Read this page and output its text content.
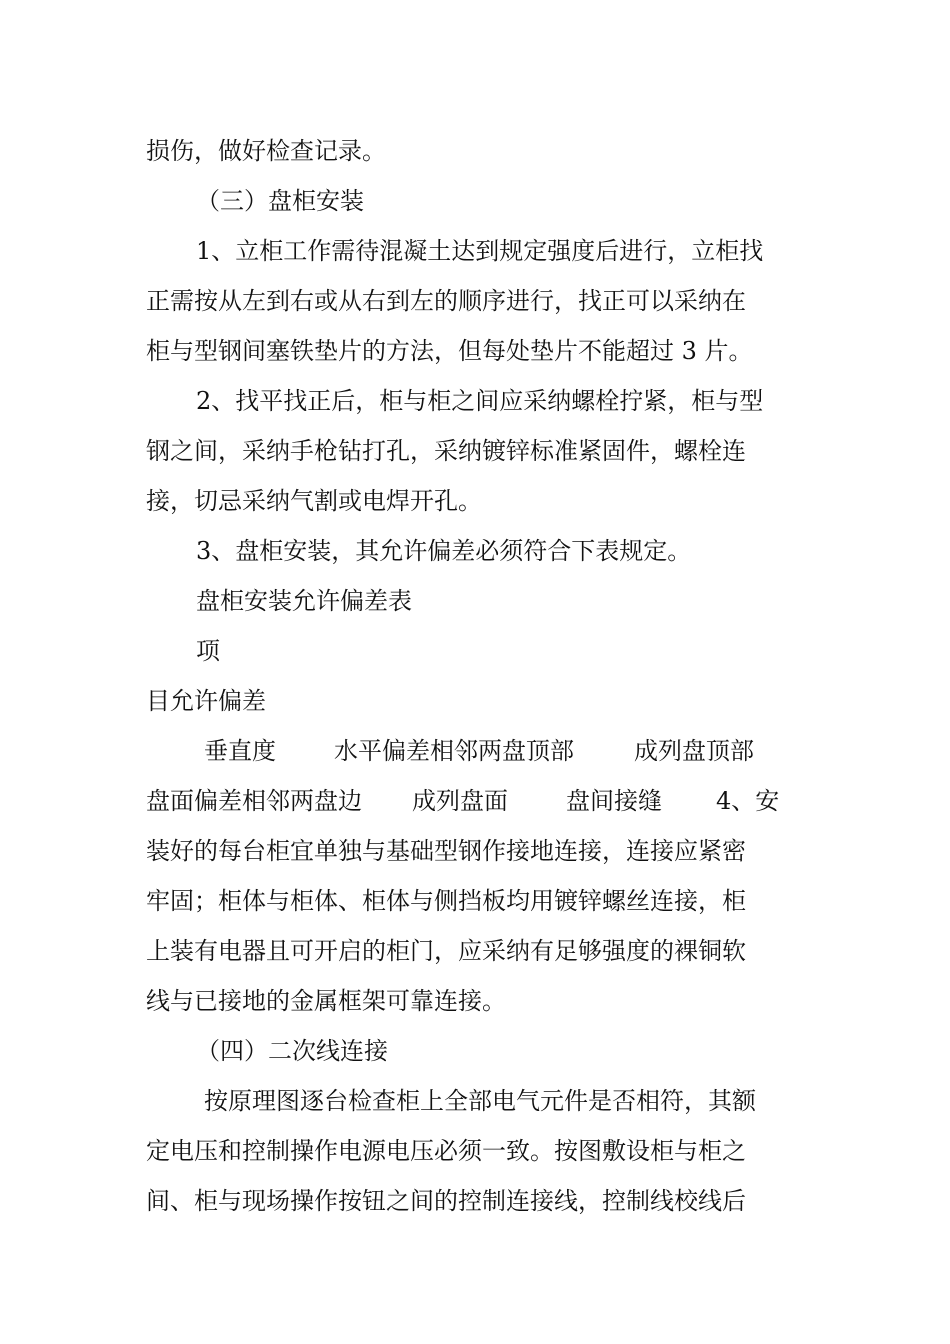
损伤，做好检查记录。
（三）盘柜安装
1、立柜工作需待混凝土达到规定强度后进行，立柜找
正需按从左到右或从右到左的顺序进行，找正可以采纳在
柜与型钢间塞铁垫片的方法，但每处垫片不能超过 3 片。
2、找平找正后，柜与柜之间应采纳螺栓拧紧，柜与型
钢之间，采纳手枪钻打孔，采纳镀锌标准紧固件，螺栓连
接，切忌采纳气割或电焊开孔。
3、盘柜安装，其允许偏差必须符合下表规定。
盘柜安装允许偏差表
项
目允许偏差
垂直度 水平偏差相邻两盘顶部	成列盘顶部
盘面偏差相邻两盘边 成列盘面 盘间接缝 4、安
装好的每台柜宜单独与基础型钢作接地连接，连接应紧密
牢固；柜体与柜体、柜体与侧挡板均用镀锌螺丝连接，柜
上装有电器且可开启的柜门，应采纳有足够强度的裸铜软
线与已接地的金属框架可靠连接。
（四）二次线连接
按原理图逐台检查柜上全部电气元件是否相符，其额
定电压和控制操作电源电压必须一致。按图敷设柜与柜之
间、柜与现场操作按钮之间的控制连接线，控制线校线后
